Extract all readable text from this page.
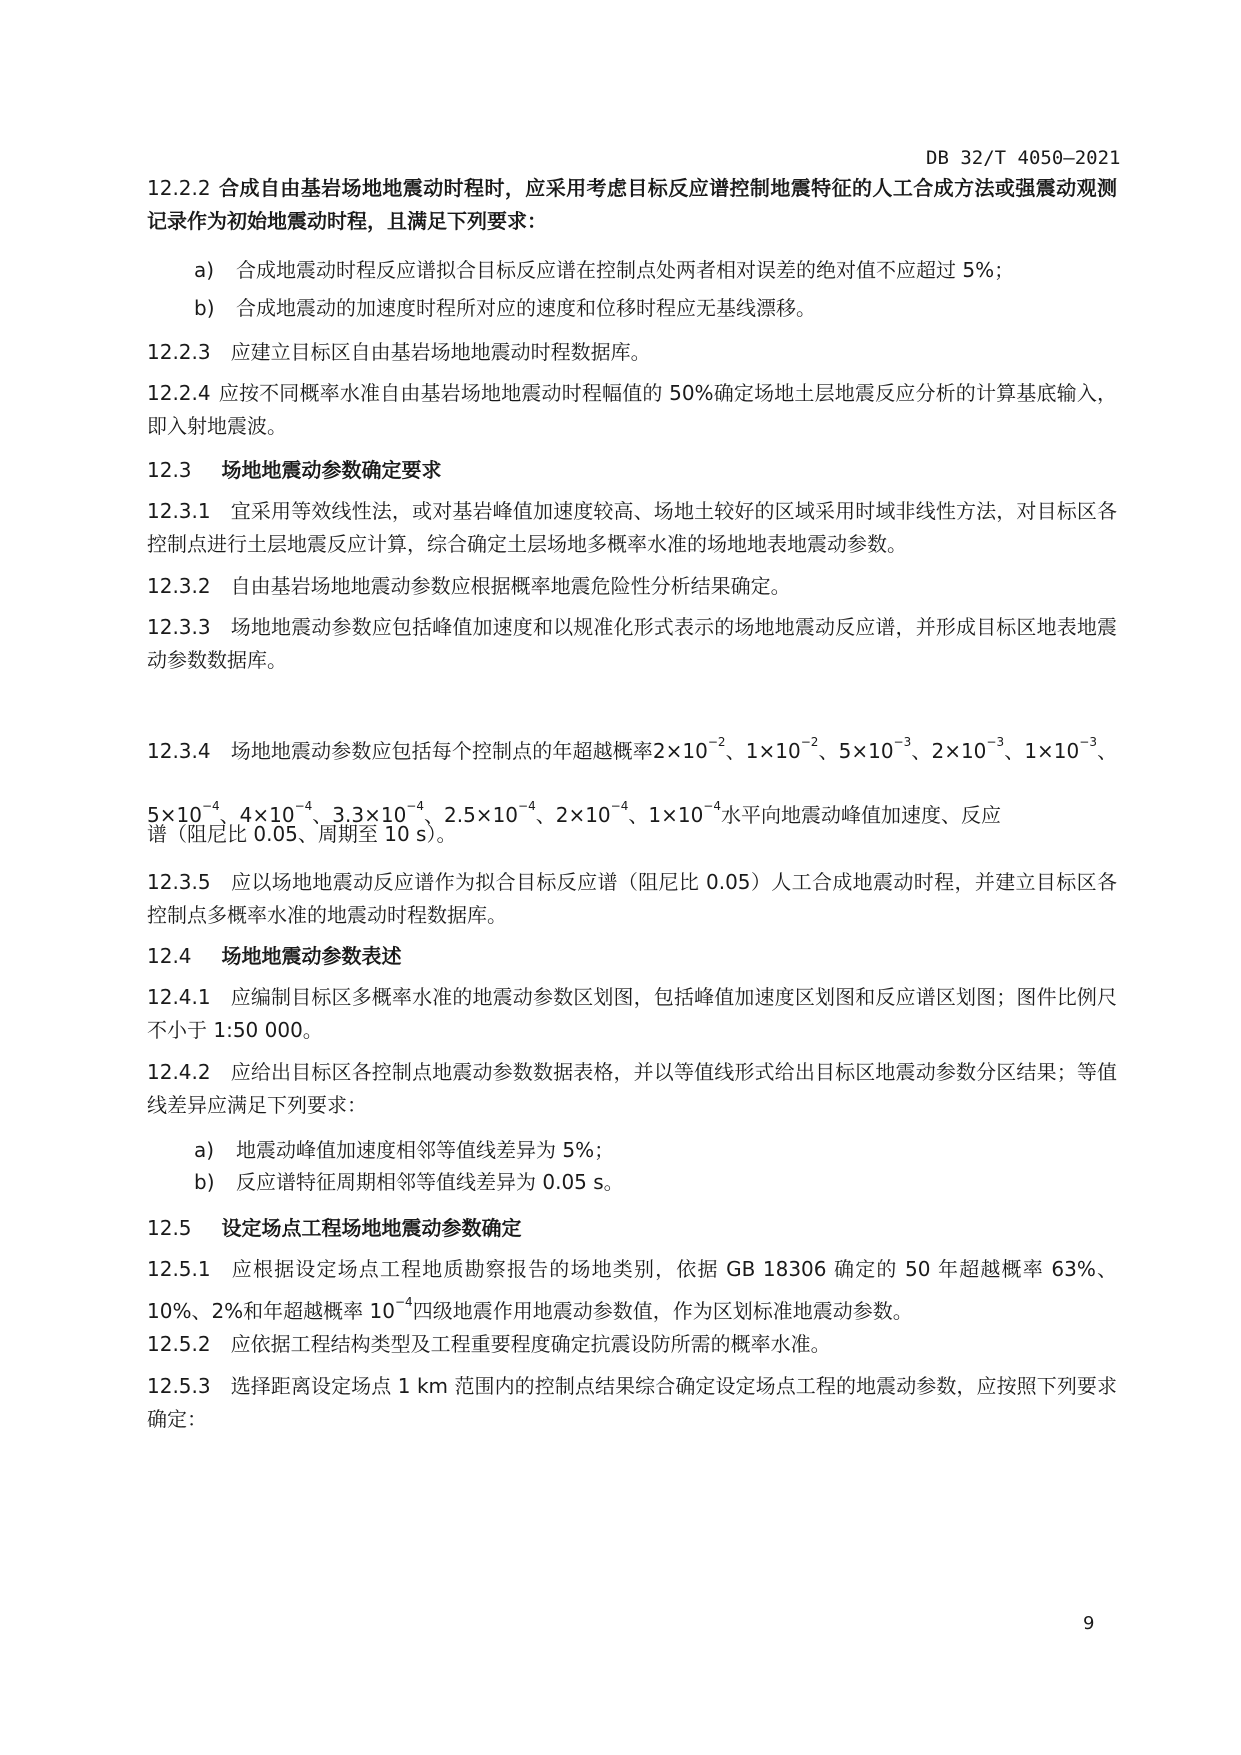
DB 32/T 4050—2021

12.2.2 合成自由基岩场地地震动时程时，应采用考虑目标反应谱控制地震特征的人工合成方法或强震动观测记录作为初始地震动时程，且满足下列要求：

a) 合成地震动时程反应谱拟合目标反应谱在控制点处两者相对误差的绝对值不应超过 5%；

b) 合成地震动的加速度时程所对应的速度和位移时程应无基线漂移。

12.2.3 应建立目标区自由基岩场地地震动时程数据库。

12.2.4 应按不同概率水准自由基岩场地地震动时程幅值的 50%确定场地土层地震反应分析的计算基底输入，即入射地震波。

12.3 场地地震动参数确定要求

12.3.1 宜采用等效线性法，或对基岩峰值加速度较高、场地土较好的区域采用时域非线性方法，对目标区各控制点进行土层地震反应计算，综合确定土层场地多概率水准的场地地表地震动参数。

12.3.2 自由基岩场地地震动参数应根据概率地震危险性分析结果确定。

12.3.3 场地地震动参数应包括峰值加速度和以规准化形式表示的场地地震动反应谱，并形成目标区地表地震动参数数据库。

12.3.4 场地地震动参数应包括每个控制点的年超越概率$2\times 10^{-2}$、$1\times 10^{-2}$、$5\times 10^{-3}$、$2\times 10^{-3}$、$1\times 10^{-3}$、$5\times 10^{-4}$、$4\times 10^{-4}$、$3.3\times 10^{-4}$、$2.5\times 10^{-4}$、$2\times 10^{-4}$、$1\times 10^{-4}$水平向地震动峰值加速度、反应

谱（阻尼比 0.05、周期至 10 s）。

12.3.5 应以场地地震动反应谱作为拟合目标反应谱（阻尼比 0.05）人工合成地震动时程，并建立目标区各控制点多概率水准的地震动时程数据库。

12.4 场地地震动参数表述

12.4.1 应编制目标区多概率水准的地震动参数区划图，包括峰值加速度区划图和反应谱区划图；图件比例尺不小于 1:50 000。

12.4.2 应给出目标区各控制点地震动参数数据表格，并以等值线形式给出目标区地震动参数分区结果；等值线差异应满足下列要求：

a) 地震动峰值加速度相邻等值线差异为 5%；

b) 反应谱特征周期相邻等值线差异为 0.05 s。

12.5 设定场点工程场地地震动参数确定

12.5.1 应根据设定场点工程地质勘察报告的场地类别，依据 GB 18306 确定的 50 年超越概率 63%、10%、2%和年超越概率 $10^{-4}$四级地震作用地震动参数值，作为区划标准地震动参数。

12.5.2 应依据工程结构类型及工程重要程度确定抗震设防所需的概率水准。

12.5.3 选择距离设定场点 1 km 范围内的控制点结果综合确定设定场点工程的地震动参数，应按照下列要求确定：

9
